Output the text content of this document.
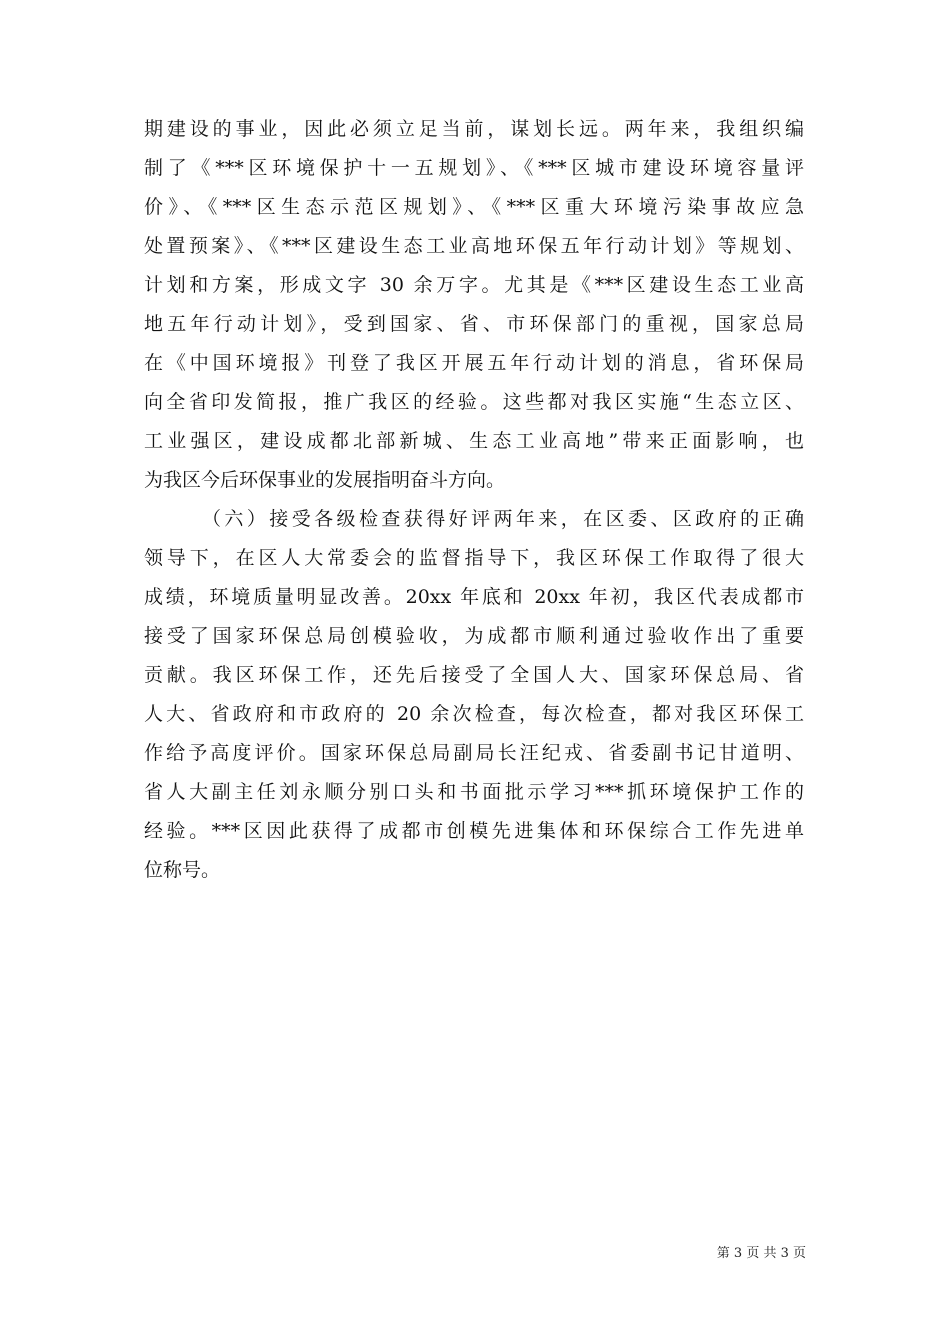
期建设的事业，因此必须立足当前，谋划长远。两年来，我组织编
制了《***区环境保护十一五规划》、《***区城市建设环境容量评
价》、《***区生态示范区规划》、《***区重大环境污染事故应急
处置预案》、《***区建设生态工业高地环保五年行动计划》等规划、
计划和方案，形成文字 30 余万字。尤其是《***区建设生态工业高
地五年行动计划》，受到国家、省、市环保部门的重视，国家总局
在《中国环境报》刊登了我区开展五年行动计划的消息，省环保局
向全省印发简报，推广我区的经验。这些都对我区实施“生态立区、
工业强区，建设成都北部新城、生态工业高地”带来正面影响，也
为我区今后环保事业的发展指明奋斗方向。
（六）接受各级检查获得好评两年来，在区委、区政府的正确
领导下，在区人大常委会的监督指导下，我区环保工作取得了很大
成绩，环境质量明显改善。20xx 年底和 20xx 年初，我区代表成都市
接受了国家环保总局创模验收，为成都市顺利通过验收作出了重要
贡献。我区环保工作，还先后接受了全国人大、国家环保总局、省
人大、省政府和市政府的 20 余次检查，每次检查，都对我区环保工
作给予高度评价。国家环保总局副局长汪纪戎、省委副书记甘道明、
省人大副主任刘永顺分别口头和书面批示学习***抓环境保护工作的
经验。***区因此获得了成都市创模先进集体和环保综合工作先进单
位称号。
第 3 页 共 3 页
